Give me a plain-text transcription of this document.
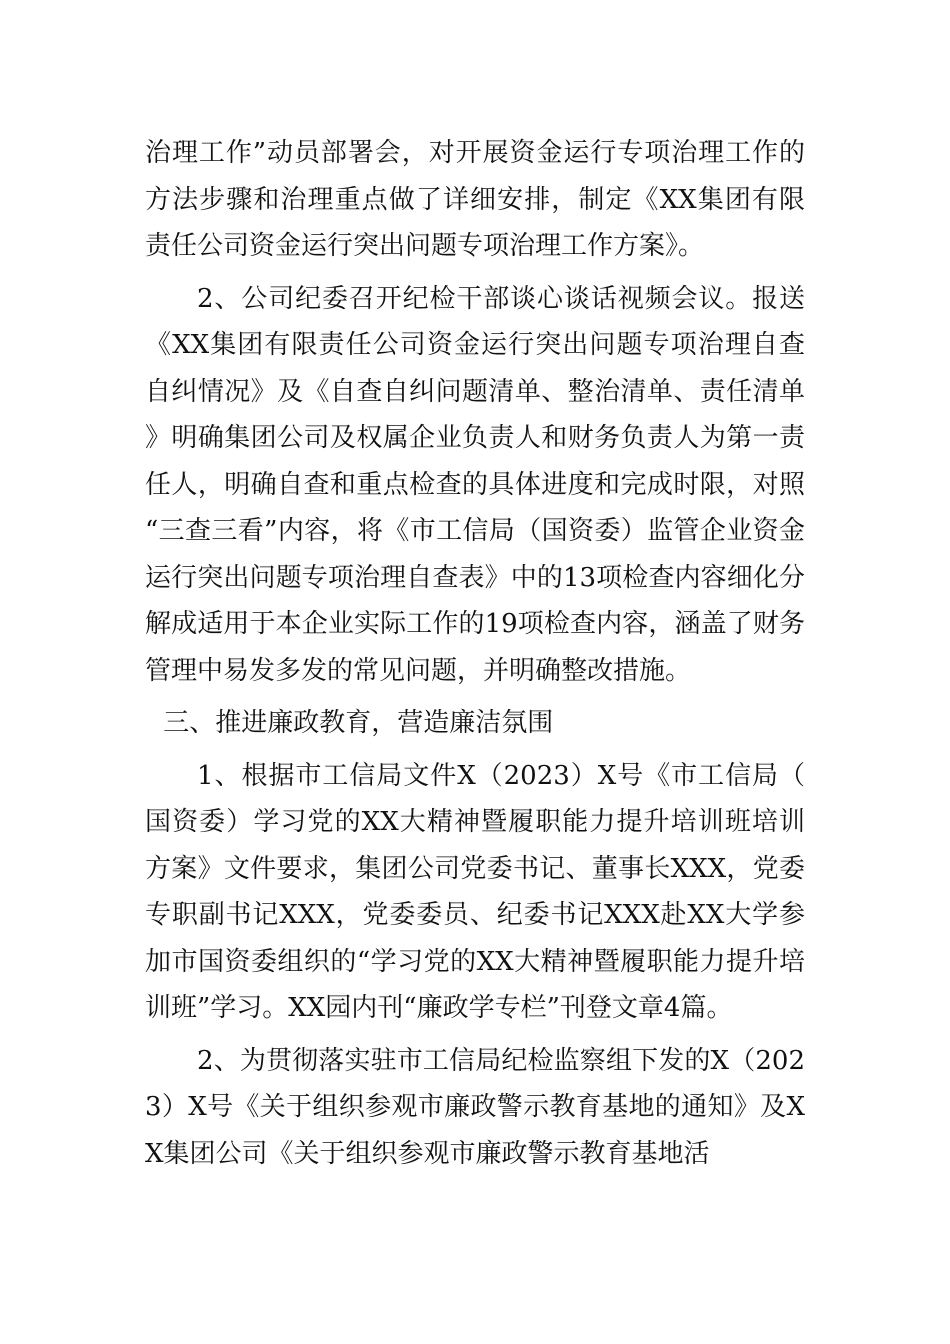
治理工作”动员部署会，对开展资金运行专项治理工作的方法步骤和治理重点做了详细安排，制定《XX集团有限责任公司资金运行突出问题专项治理工作方案》。

2、公司纪委召开纪检干部谈心谈话视频会议。报送《XX集团有限责任公司资金运行突出问题专项治理自查自纠情况》及《自查自纠问题清单、整治清单、责任清单》明确集团公司及权属企业负责人和财务负责人为第一责任人，明确自查和重点检查的具体进度和完成时限，对照“三查三看”内容，将《市工信局（国资委）监管企业资金运行突出问题专项治理自查表》中的13项检查内容细化分解成适用于本企业实际工作的19项检查内容，涵盖了财务管理中易发多发的常见问题，并明确整改措施。

三、推进廉政教育，营造廉洁氛围

1、根据市工信局文件X（2023）X号《市工信局（国资委）学习党的XX大精神暨履职能力提升培训班培训方案》文件要求，集团公司党委书记、董事长XXX，党委专职副书记XXX，党委委员、纪委书记XXX赴XX大学参加市国资委组织的“学习党的XX大精神暨履职能力提升培训班”学习。XX园内刊“廉政学专栏”刊登文章4篇。

2、为贯彻落实驻市工信局纪检监察组下发的X（2023）X号《关于组织参观市廉政警示教育基地的通知》及XX集团公司《关于组织参观市廉政警示教育基地活
